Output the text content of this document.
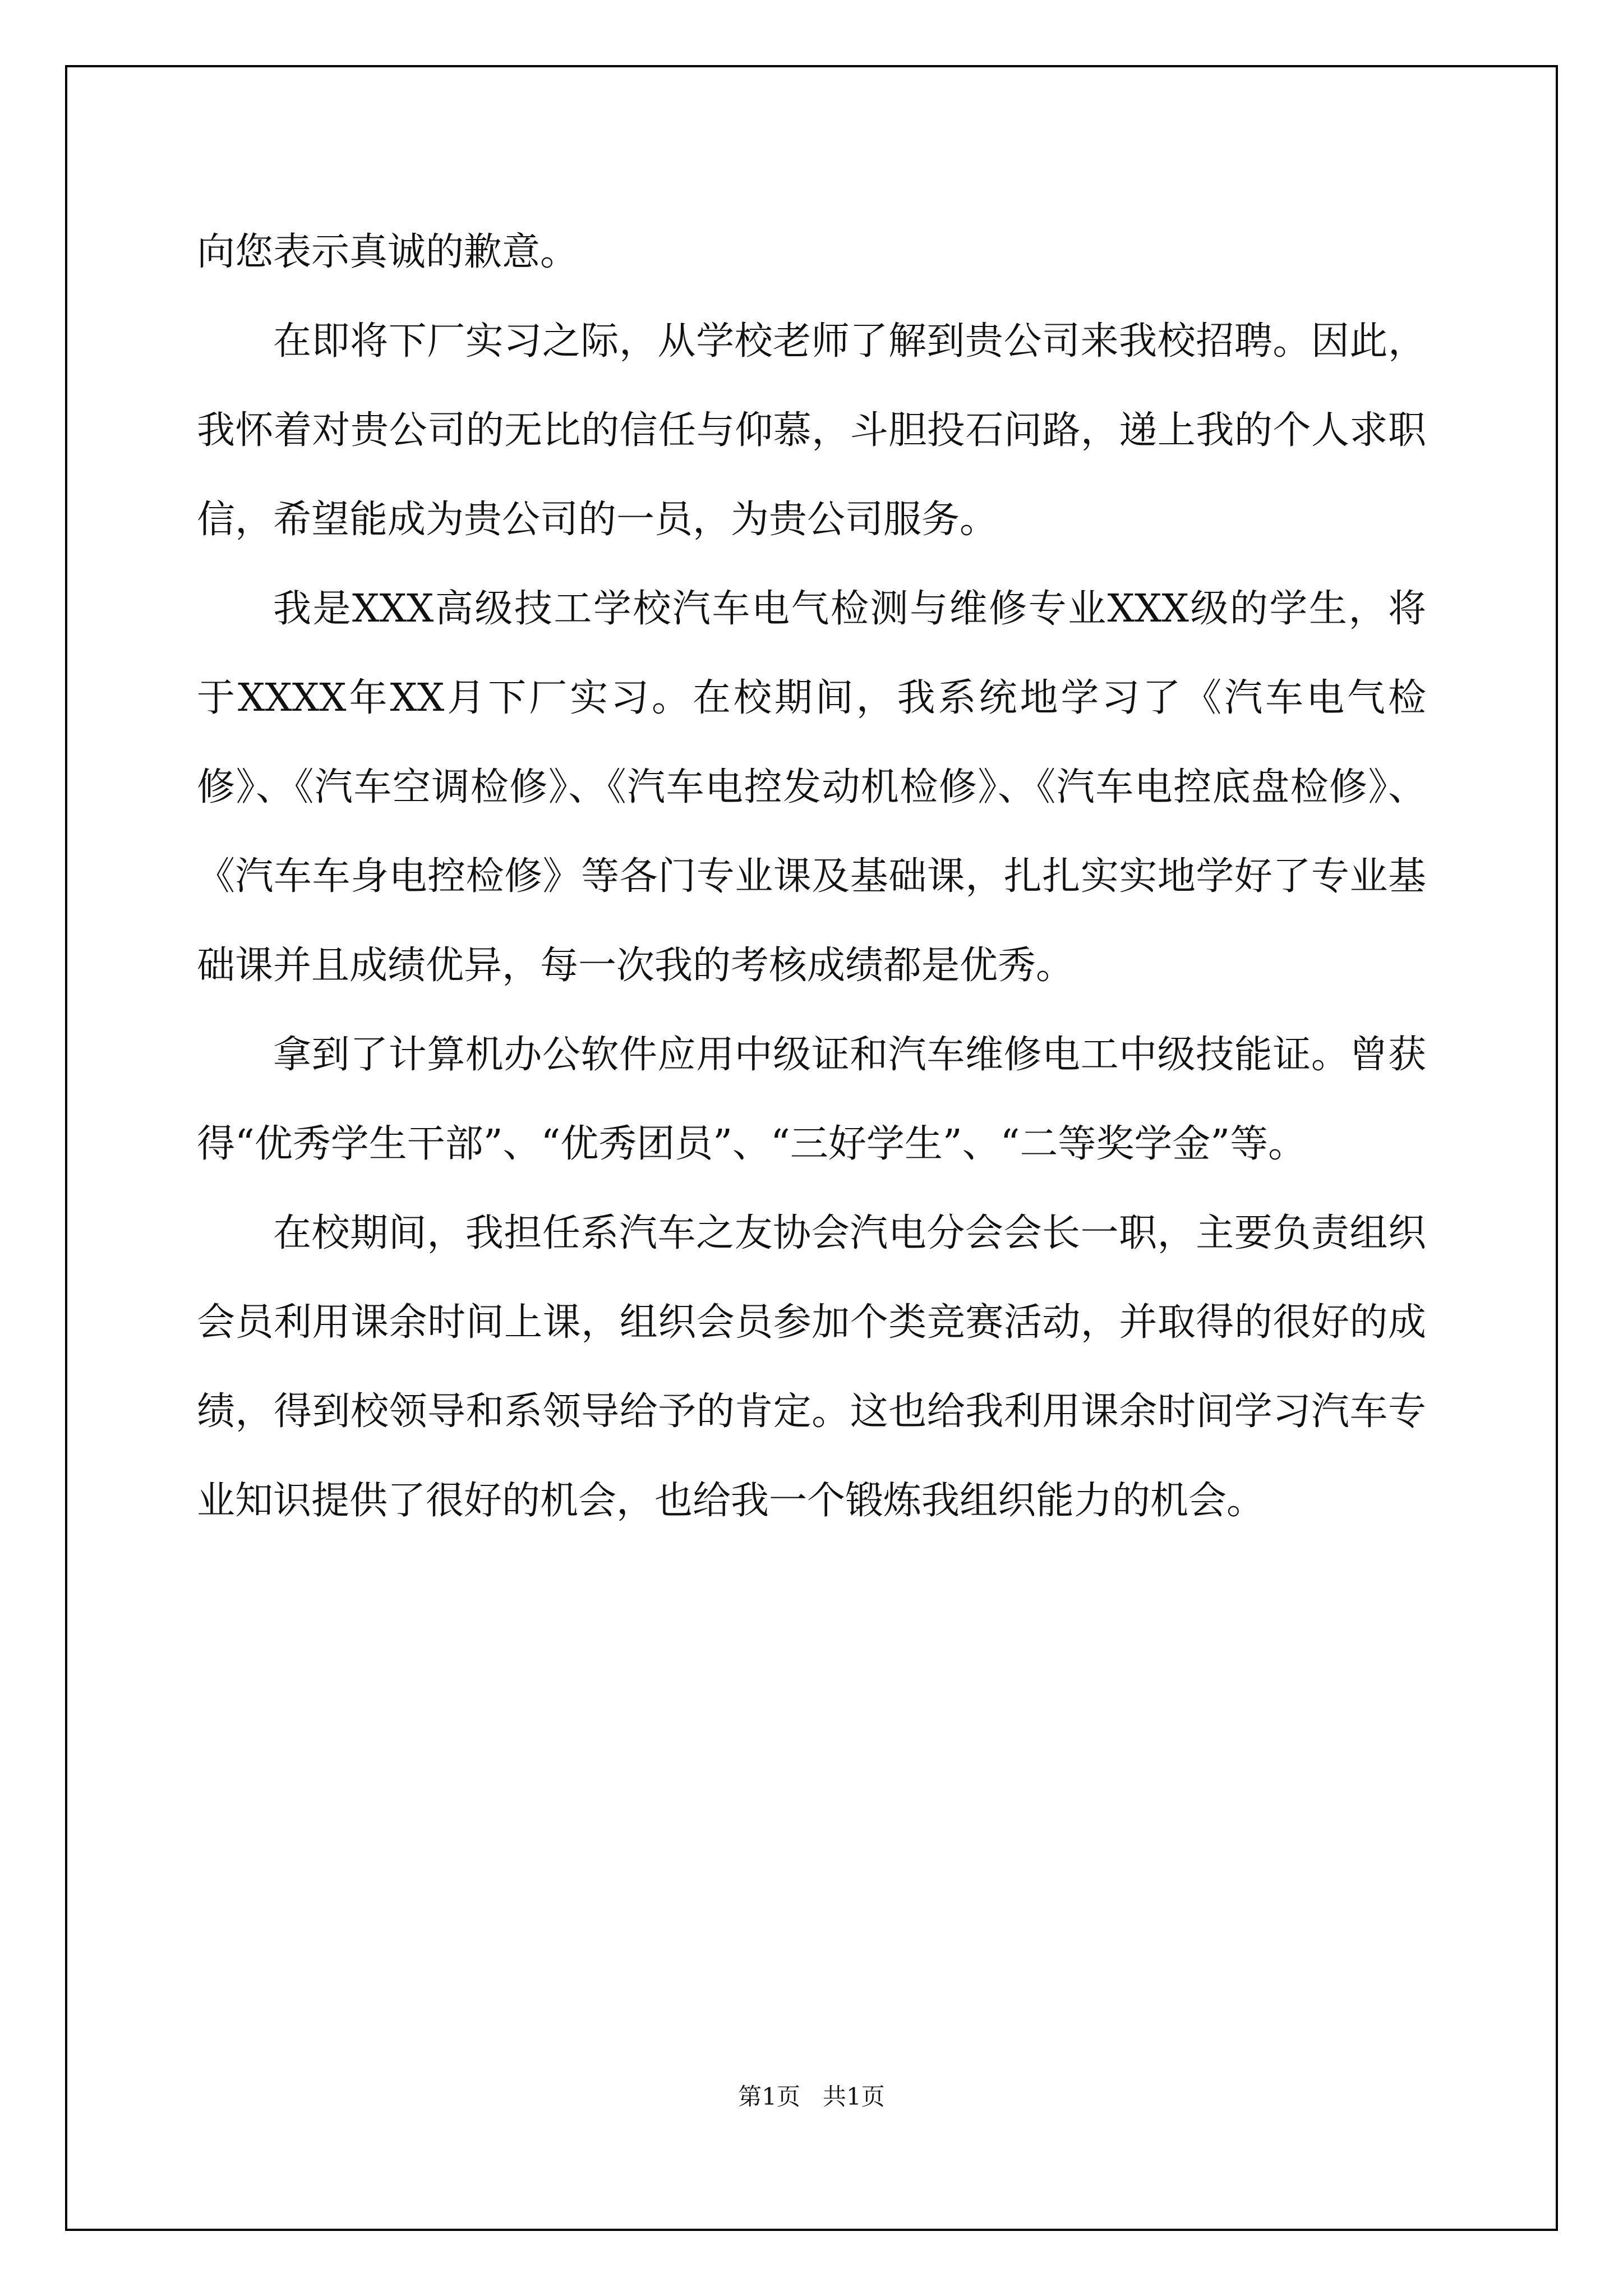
向您表示真诚的歉意。

在即将下厂实习之际，从学校老师了解到贵公司来我校招聘。因此，我怀着对贵公司的无比的信任与仰慕，斗胆投石问路，递上我的个人求职信，希望能成为贵公司的一员，为贵公司服务。

我是XXX高级技工学校汽车电气检测与维修专业XXX级的学生，将于XXXX年XX月下厂实习。在校期间，我系统地学习了《汽车电气检修》、《汽车空调检修》、《汽车电控发动机检修》、《汽车电控底盘检修》、《汽车车身电控检修》等各门专业课及基础课，扎扎实实地学好了专业基础课并且成绩优异，每一次我的考核成绩都是优秀。

拿到了计算机办公软件应用中级证和汽车维修电工中级技能证。曾获得“优秀学生干部”、“优秀团员”、“三好学生”、“二等奖学金”等。

在校期间，我担任系汽车之友协会汽电分会会长一职，主要负责组织会员利用课余时间上课，组织会员参加个类竞赛活动，并取得的很好的成绩，得到校领导和系领导给予的肯定。这也给我利用课余时间学习汽车专业知识提供了很好的机会，也给我一个锻炼我组织能力的机会。

第1页 共1页
